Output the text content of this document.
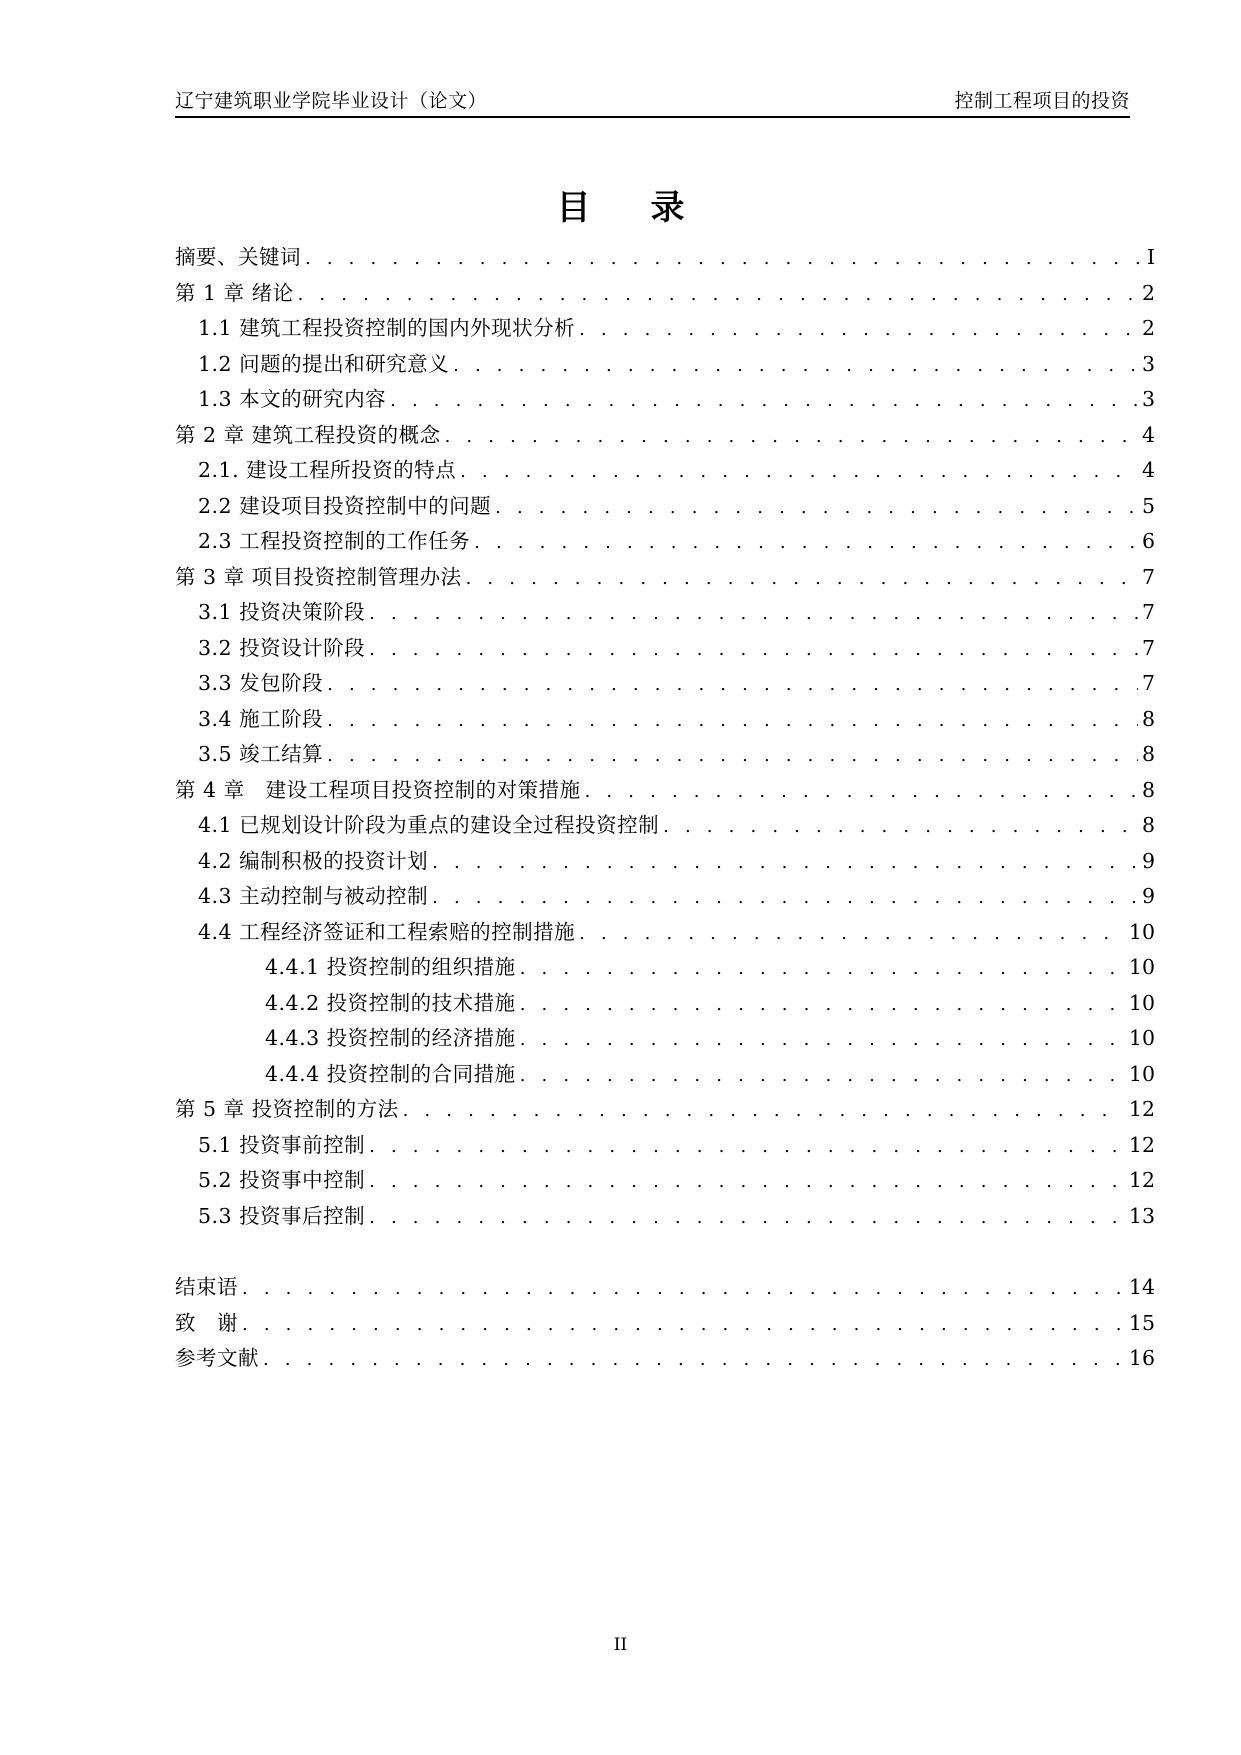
辽宁建筑职业学院毕业设计（论文）	控制工程项目的投资
目录
摘要、关键词 . . .	I
第 1 章 绪论 . . .	2
1.1 建筑工程投资控制的国内外现状分析 . . .	2
1.2 问题的提出和研究意义 . . .	3
1.3 本文的研究内容 . . .	3
第 2 章 建筑工程投资的概念 . . .	4
2.1. 建设工程所投资的特点 . . .	4
2.2 建设项目投资控制中的问题 . . .	5
2.3 工程投资控制的工作任务 . . .	6
第 3 章 项目投资控制管理办法 . . .	7
3.1 投资决策阶段 . . .	7
3.2 投资设计阶段 . . .	7
3.3 发包阶段 . . .	7
3.4 施工阶段 . . .	8
3.5 竣工结算 . . .	8
第 4 章　建设工程项目投资控制的对策措施 . . .	8
4.1 已规划设计阶段为重点的建设全过程投资控制 . . .	8
4.2 编制积极的投资计划 . . .	9
4.3 主动控制与被动控制 . . .	9
4.4 工程经济签证和工程索赔的控制措施 . . .	10
4.4.1 投资控制的组织措施 . . .	10
4.4.2 投资控制的技术措施 . . .	10
4.4.3 投资控制的经济措施 . . .	10
4.4.4 投资控制的合同措施 . . .	10
第 5 章 投资控制的方法 . . .	12
5.1 投资事前控制 . . .	12
5.2 投资事中控制 . . .	12
5.3 投资事后控制 . . .	13
结束语 . . .	14
致　谢 . . .	15
参考文献 . . .	16
II
